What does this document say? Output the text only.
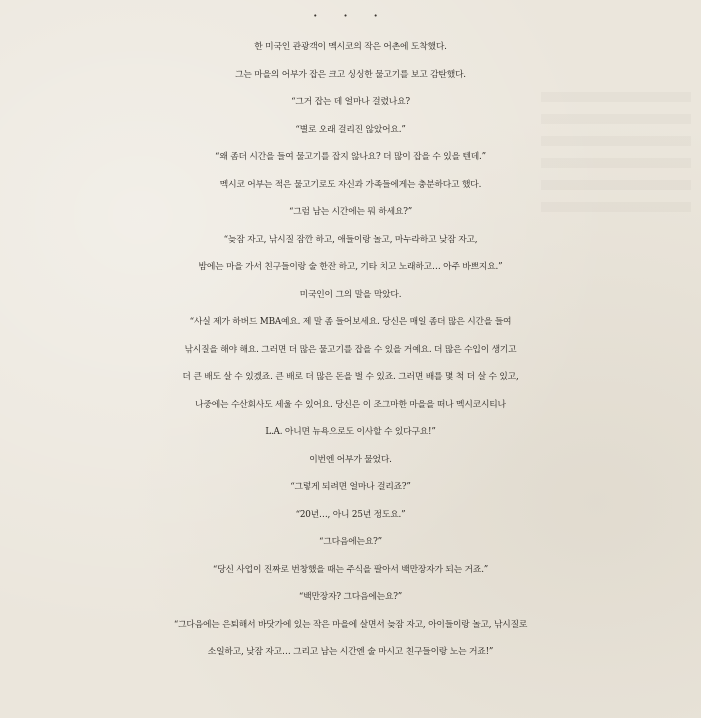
· · ·
한 미국인 관광객이 멕시코의 작은 어촌에 도착했다.
그는 마을의 어부가 잡은 크고 싱싱한 물고기를 보고 감탄했다.
“그거 잡는 데 얼마나 걸렸나요?
“별로 오래 걸리진 않았어요.”
“왜 좀더 시간을 들여 물고기를 잡지 않나요? 더 많이 잡을 수 있을 텐데.”
멕시코 어부는 적은 물고기로도 자신과 가족들에게는 충분하다고 했다.
“그럼 남는 시간에는 뭐 하세요?”
“늦잠 자고, 낚시질 잠깐 하고, 애들이랑 놀고, 마누라하고 낮잠 자고,
밤에는 마을 가서 친구들이랑 술 한잔 하고, 기타 치고 노래하고… 아주 바쁘지요.”
미국인이 그의 말을 막았다.
“사실 제가 하버드 MBA예요. 제 말 좀 들어보세요. 당신은 매일 좀더 많은 시간을 들여
낚시질을 해야 해요. 그러면 더 많은 물고기를 잡을 수 있을 거예요. 더 많은 수입이 생기고
더 큰 배도 살 수 있겠죠. 큰 배로 더 많은 돈을 벌 수 있죠. 그러면 배를 몇 척 더 살 수 있고,
나중에는 수산회사도 세울 수 있어요. 당신은 이 조그마한 마을을 떠나 멕시코시티나
L.A. 아니면 뉴욕으로도 이사할 수 있다구요!”
이번엔 어부가 물었다.
“그렇게 되려면 얼마나 걸리죠?”
“20년…, 아니 25년 정도요.”
“그다음에는요?”
“당신 사업이 진짜로 번창했을 때는 주식을 팔아서 백만장자가 되는 거죠.”
“백만장자? 그다음에는요?”
“그다음에는 은퇴해서 바닷가에 있는 작은 마을에 살면서 늦잠 자고, 아이들이랑 놀고, 낚시질로
소일하고, 낮잠 자고… 그리고 남는 시간엔 술 마시고 친구들이랑 노는 거죠!”
